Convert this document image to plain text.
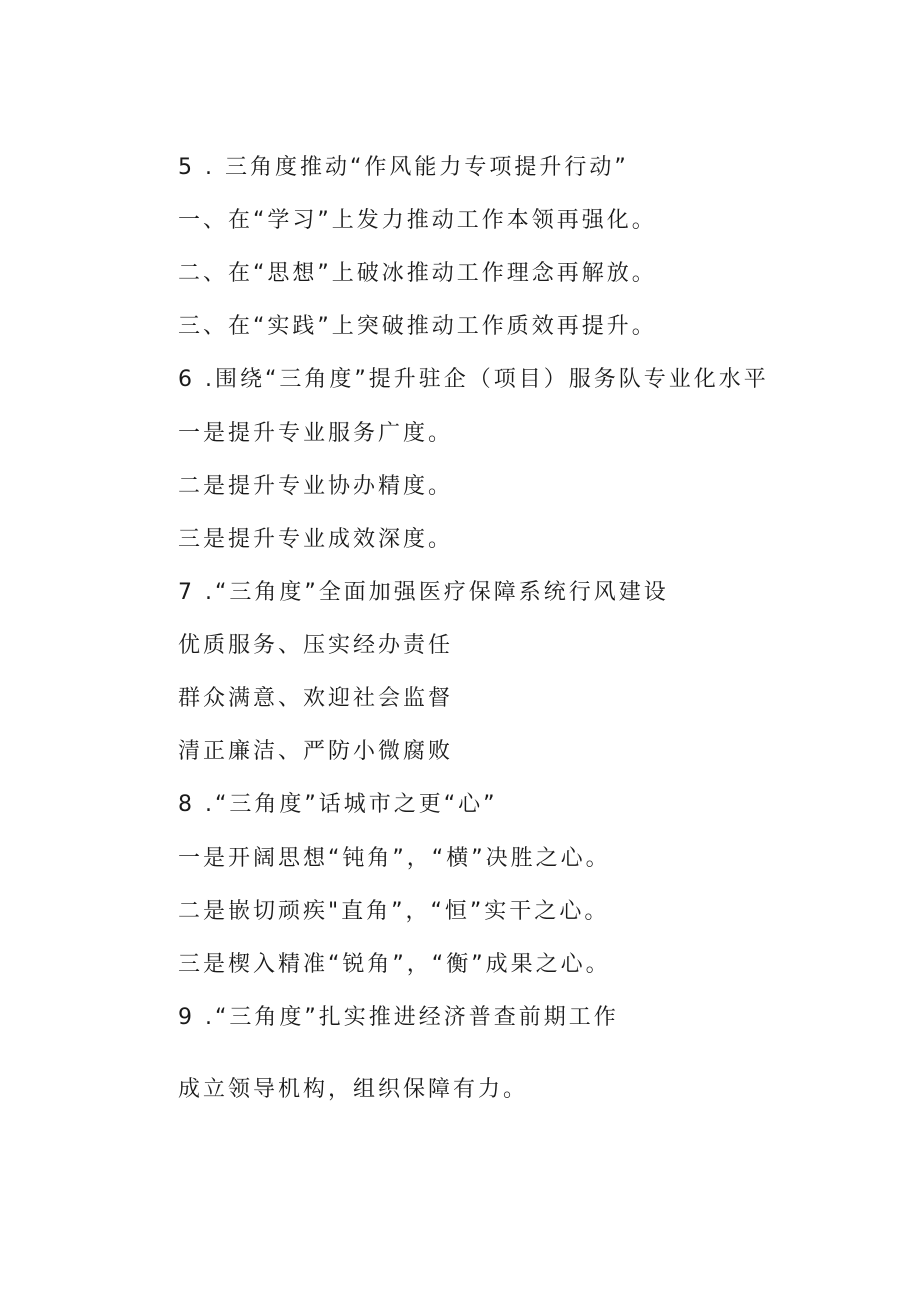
5 . 三角度推动“作风能力专项提升行动”
一、在“学习”上发力推动工作本领再强化。
二、在“思想”上破冰推动工作理念再解放。
三、在“实践”上突破推动工作质效再提升。
6 .围绕“三角度”提升驻企（项目）服务队专业化水平
一是提升专业服务广度。
二是提升专业协办精度。
三是提升专业成效深度。
7 .“三角度”全面加强医疗保障系统行风建设
优质服务、压实经办责任
群众满意、欢迎社会监督
清正廉洁、严防小微腐败
8 .“三角度”话城市之更“心”
一是开阔思想“钝角”，“横”决胜之心。
二是嵌切顽疾"直角”，“恒”实干之心。
三是楔入精准“锐角”，“衡”成果之心。
9 .“三角度”扎实推进经济普查前期工作
成立领导机构，组织保障有力。
